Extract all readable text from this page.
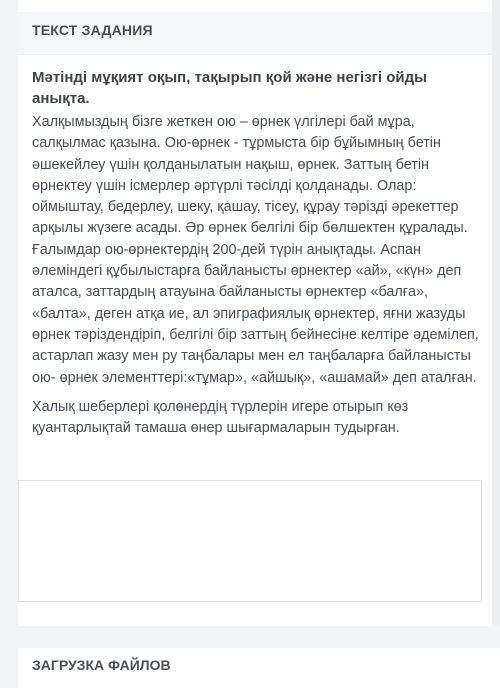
ТЕКСТ ЗАДАНИЯ
Мәтінді мұқият оқып, тақырып қой және негізгі ойды анықта.

Халқымыздың бізге жеткен ою – өрнек үлгілері бай мұра, салқылмас қазына. Ою-өрнек - тұрмыста бір бұйымның бетін әшекейлеу үшін қолданылатын нақыш, өрнек. Заттың бетін өрнектеу үшін ісмерлер әртүрлі тәсілді қолданады. Олар: оймыштау, бедерлеу, шеку, қашау, тісеу, құрау тәрізді әрекеттер арқылы жүзеге асады. Әр өрнек белгілі бір бөлшектен құралады. Ғалымдар ою-өрнектердің 200-дей түрін анықтады. Аспан әлеміндегі құбылыстарға байланысты өрнектер «ай», «күн» деп аталса, заттардың атауына байланысты өрнектер «балға», «балта», деген атқа ие, ал эпиграфиялық өрнектер, яғни жазуды өрнек тәріздендіріп, белгілі бір заттың бейнесіне келтіре әдемілеп, астарлап жазу мен ру таңбалары мен ел таңбаларға байланысты ою- өрнек элементтері:«тұмар», «айшық», «ашамай» деп аталған.

Халық шеберлері қолөнердің түрлерін игере отырып көз қуантарлықтай тамаша өнер шығармаларын тудырған.

ЗАГРУЗКА ФАЙЛОВ
